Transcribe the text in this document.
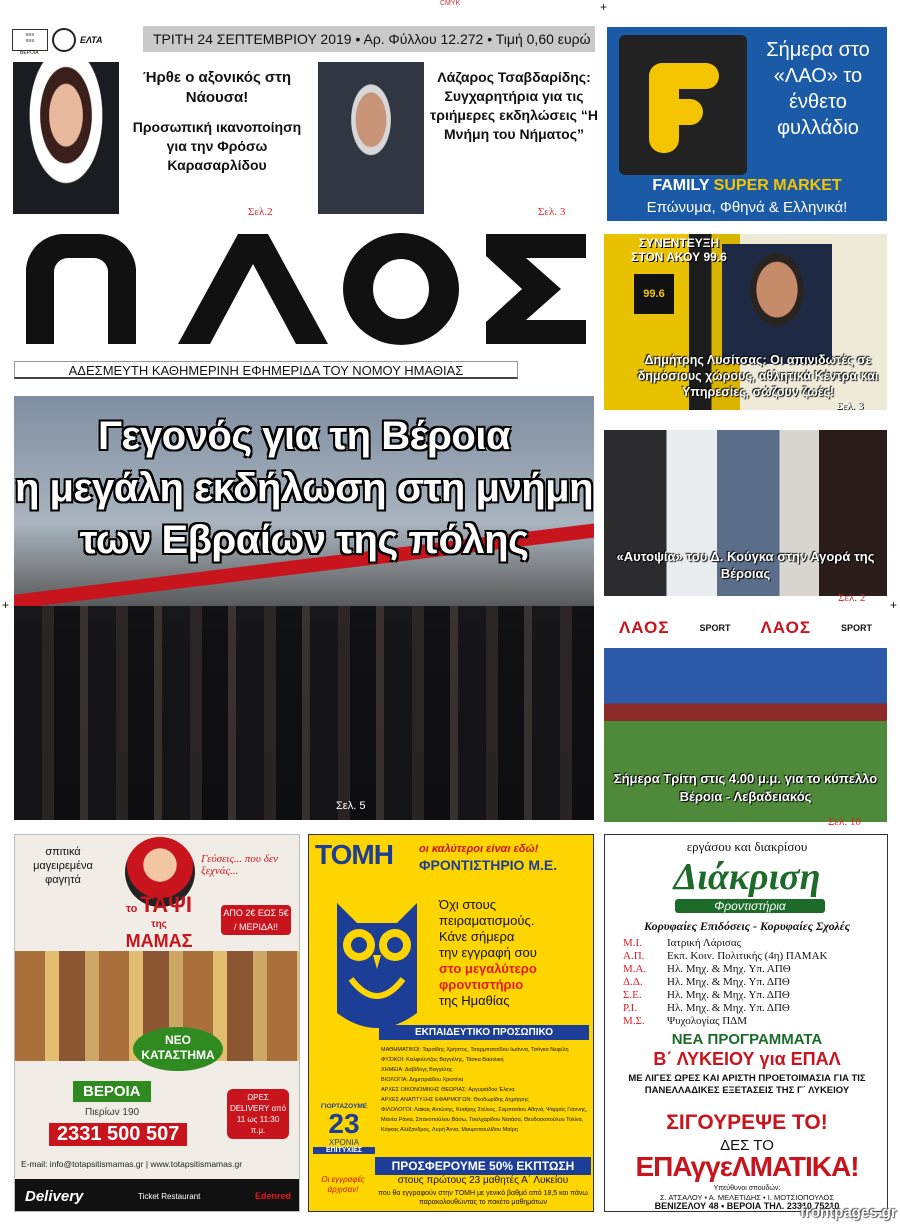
CMYK
≡≡≡
≡≡≡	ΕΛΤΑ
ΒΕΡΟΙΑ
ΤΡΙΤΗ 24 ΣΕΠΤΕΜΒΡΙΟΥ 2019 • Αρ. Φύλλου 12.272 • Τιμή 0,60 ευρώ
Ήρθε ο αξονικός στη Νάουσα!
Προσωπική ικανοποίηση για την Φρόσω Καρασαρλίδου
Σελ.2
Λάζαρος Τσαβδαρίδης: Συγχαρητήρια για τις τριήμερες εκδηλώσεις “Η Μνήμη του Νήματος”
Σελ. 3
Σήμερα στο «ΛΑΟ» το ένθετο φυλλάδιο
FAMILY SUPER MARKET
Επώνυμα, Φθηνά & Ελληνικά!
ΑΔΕΣΜΕΥΤΗ ΚΑΘΗΜΕΡΙΝΗ ΕΦΗΜΕΡΙΔΑ ΤΟΥ ΝΟΜΟΥ ΗΜΑΘΙΑΣ
99.6
ΣΥΝΕΝΤΕΥΞΗ
ΣΤΟΝ ΑΚΟΥ 99.6
Δημήτρης Λυσίτσας: Οι απινιδωτές σε δημόσιους χώρους, αθλητικά Κέντρα και Υπηρεσίες, σώζουν ζωές!
Σελ. 3
Γεγονός για τη Βέροια
η μεγάλη εκδήλωση στη μνήμη
των Εβραίων της πόλης
Σελ. 5
+	+
+
«Αυτοψία» του Δ. Κούγκα στην Αγορά της Βέροιας
Σελ. 2
ΛΑΟΣ	SPORT ΛΑΟΣ	SPORT
Σήμερα Τρίτη στις 4.00 μ.μ. για το κύπελλο Βέροια - Λεβαδειακός
Σελ. 10
σπιτικά μαγειρεμένα φαγητά
Γεύσεις... που δεν ξεχνάς...
το ΤΑΨΙ
της
ΜΑΜΑΣ
ΑΠΟ 2€ ΕΩΣ 5€ / ΜΕΡΙΔΑ!!
ΝΕΟ
ΚΑΤΑΣΤΗΜΑ
ΒΕΡΟΙΑ
Πιερίων 190
2331 500 507
ΩΡΕΣ DELIVERY από 11 ως 11:30 π.μ.
E-mail: info@totapsitismamas.gr | www.totapsitismamas.gr
Delivery	Ticket Restaurant	Edenred
ΤΟΜΗ οι καλύτεροι είναι εδώ!
ΦΡΟΝΤΙΣΤΗΡΙΟ Μ.Ε.
Όχι στους
πειραματισμούς.
Κάνε σήμερα
την εγγραφή σου
στο μεγαλύτερο
φροντιστήριο
της Ημαθίας
ΕΚΠΑΙΔΕΥΤΙΚΟ ΠΡΟΣΩΠΙΚΟ
ΜΑΘΗΜΑΤΙΚΟΙ: Ταρσίδης Χρήστος, Τσαρμπατσίδου Ιωάννα, Τσόγκα Νεφέλη
ΦΥΣΙΚΟΙ: Καλφούντζος Βαγγέλης, Τάσκα Βασιλική
ΧΗΜΕΙΑ: Δαβίδογς Βαγγέλης
ΒΙΟΛΟΓΙΑ: Δημητριάδου Χριστίνα
ΑΡΧΕΣ ΟΙΚΟΝΟΜΙΚΗΣ ΘΕΩΡΙΑΣ: Αργυριάδου Έλενα
ΑΡΧΕΣ ΑΝΑΠΤΥΞΗΣ ΕΦΑΡΜΟΓΩΝ: Θεοδωρίδης Δημήτρης
ΦΙΛΟΛΟΓΟΙ: Λαϊκας Αντώνης, Κοσίρης Στέλιος, Σαμπατάου Αθηνά, Ψαρρός Γιάννης,
Μανέα Ράνια, Σπανοπούλου Βάσω, Τσολχαρίδου Νατάσα, Θεοδοσοπούλου Τολίνα,
Κόγκας Αλέξανδρος, Λυρή Άννα, Μαυροπουλίδου Μαίρη
ΓΙΟΡΤΑΖΟΥΜΕ
23
ΧΡΟΝΙΑ
ΕΠΙΤΥΧΙΕΣ
Οι εγγραφές άρχισαν!
ΠΡΟΣΦΕΡΟΥΜΕ 50% ΕΚΠΤΩΣΗ
στους πρώτους 23 μαθητές Α΄ Λυκείου
που θα εγγραφούν στην ΤΟΜΗ με γενικό βαθμό από 18,5 και πάνω παρακολουθώντας το πακέτο μαθημάτων
εργάσου και διακρίσου
Διάκριση
Φροντιστήρια
Κορυφαίες Επιδόσεις - Κορυφαίες Σχολές
Μ.Ι. Ιατρική Λάρισας
Α.Π. Εκπ. Κοιν. Πολιτικής (4η) ΠΑΜΑΚ
Μ.Α. Ηλ. Μηχ. & Μηχ. Υπ. ΑΠΘ
Δ.Δ. Ηλ. Μηχ. & Μηχ. Υπ. ΔΠΘ
Σ.Ε. Ηλ. Μηχ. & Μηχ. Υπ. ΔΠΘ
Ρ.Ι.	Ηλ. Μηχ. & Μηχ. Υπ. ΔΠΘ
Μ.Σ. Ψυχολογίας ΠΔΜ
ΝΕΑ ΠΡΟΓΡΑΜΜΑΤΑ
Β΄ ΛΥΚΕΙΟΥ για ΕΠΑΛ
ΜΕ ΛΙΓΕΣ ΩΡΕΣ ΚΑΙ ΑΡΙΣΤΗ ΠΡΟΕΤΟΙΜΑΣΙΑ ΓΙΑ ΤΙΣ ΠΑΝΕΛΛΑΔΙΚΕΣ ΕΞΕΤΑΣΕΙΣ ΤΗΣ Γ΄ ΛΥΚΕΙΟΥ
ΣΙΓΟΥΡΕΨΕ ΤΟ!
ΔΕΣ ΤΟ
ΕΠΑγγεΛΜΑΤΙΚΑ!
Υπεύθυνοι σπουδών:
Σ. ΑΤΣΑΛΟΥ • Α. ΜΕΛΕΤΙΔΗΣ • Ι. ΜΟΤΣΙΟΠΟΥΛΟΣ
ΒΕΝΙΖΕΛΟΥ 48 • ΒΕΡΟΙΑ ΤΗΛ. 23310 75210
frontpages.gr
